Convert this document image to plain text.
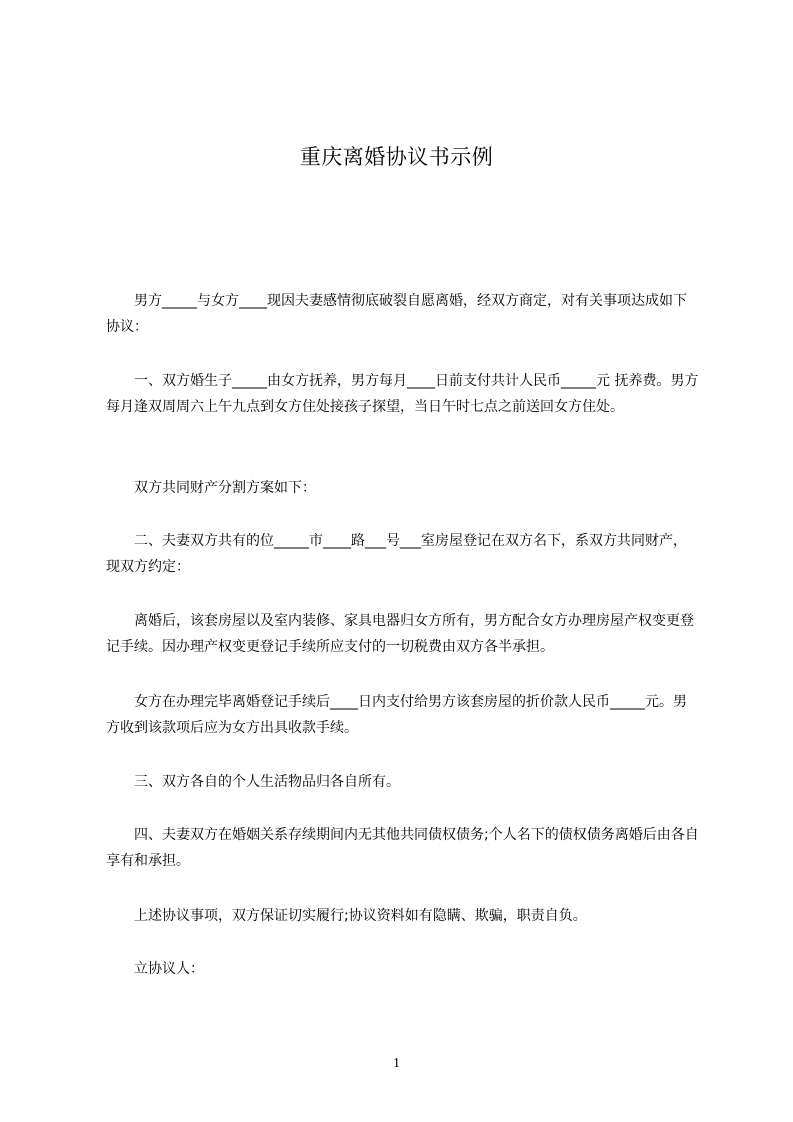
重庆离婚协议书示例

　　男方_____与女方____现因夫妻感情彻底破裂自愿离婚，经双方商定，对有关事项达成如下协议：

　　一、双方婚生子_____由女方抚养，男方每月____日前支付共计人民币_____元 抚养费。男方每月逢双周周六上午九点到女方住处接孩子探望，当日午时七点之前送回女方住处。

　　双方共同财产分割方案如下：

　　二、夫妻双方共有的位_____市____路___号___室房屋登记在双方名下，系双方共同财产，现双方约定：

　　离婚后，该套房屋以及室内装修、家具电器归女方所有，男方配合女方办理房屋产权变更登记手续。因办理产权变更登记手续所应支付的一切税费由双方各半承担。

　　女方在办理完毕离婚登记手续后____日内支付给男方该套房屋的折价款人民币_____元。男方收到该款项后应为女方出具收款手续。

　　三、双方各自的个人生活物品归各自所有。

　　四、夫妻双方在婚姻关系存续期间内无其他共同债权债务;个人名下的债权债务离婚后由各自享有和承担。

　　上述协议事项，双方保证切实履行;协议资料如有隐瞒、欺骗，职责自负。

　　立协议人：

1
